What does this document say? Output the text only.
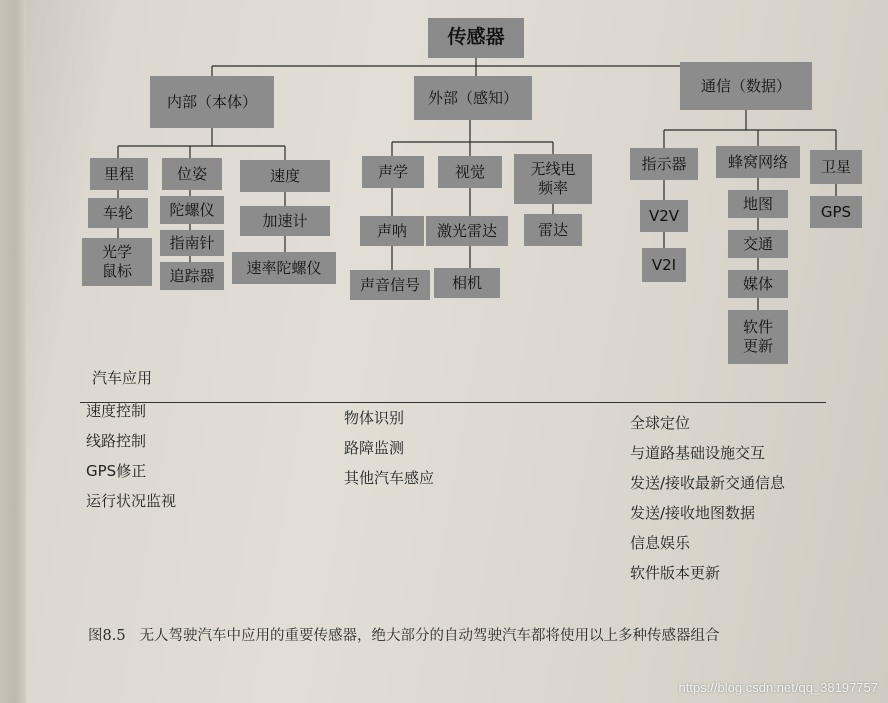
传感器
内部（本体）	外部（感知）
通信（数据）
里程
车轮
光学
鼠标
位姿
陀螺仪
指南针
追踪器
速度
加速计
速率陀螺仪
声学
声呐
声音信号
视觉
激光雷达
相机
无线电
频率
雷达
指示器
V2V
V2I
蜂窝网络
地图
交通
媒体
软件
更新
卫星
GPS
汽车应用
速度控制
线路控制
GPS修正
运行状况监视
物体识别
路障监测
其他汽车感应
全球定位
与道路基础设施交互
发送/接收最新交通信息
发送/接收地图数据
信息娱乐
软件版本更新
图8.5 无人驾驶汽车中应用的重要传感器，绝大部分的自动驾驶汽车都将使用以上多种传感器组合
https://blog.csdn.net/qq_38197757
